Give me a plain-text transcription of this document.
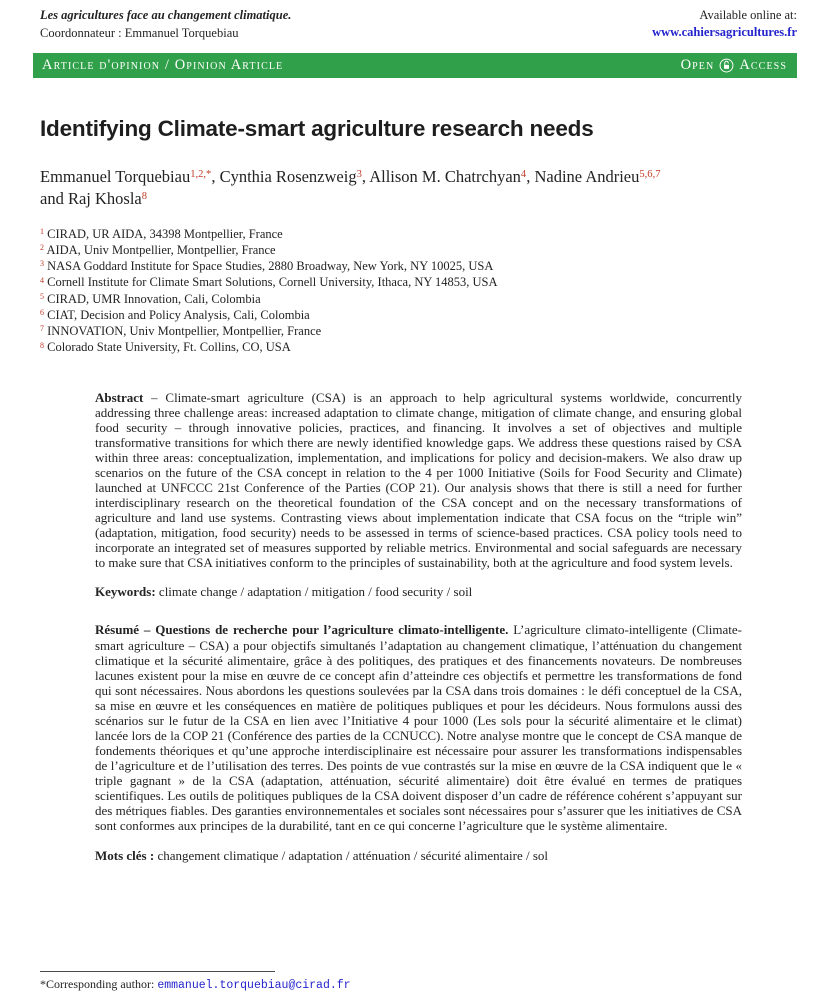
Les agricultures face au changement climatique.
Coordonnateur : Emmanuel Torquebiau
Available online at:
www.cahiersagricultures.fr
Article d'opinion / Opinion Article	Open Access
Identifying Climate-smart agriculture research needs
Emmanuel Torquebiau$^{1,2,*}$, Cynthia Rosenzweig$^3$, Allison M. Chatrchyan$^4$, Nadine Andrieu$^{5,6,7}$
and Raj Khosla$^8$
$^1$ CIRAD, UR AIDA, 34398 Montpellier, France
$^2$ AIDA, Univ Montpellier, Montpellier, France
$^3$ NASA Goddard Institute for Space Studies, 2880 Broadway, New York, NY 10025, USA
$^4$ Cornell Institute for Climate Smart Solutions, Cornell University, Ithaca, NY 14853, USA
$^5$ CIRAD, UMR Innovation, Cali, Colombia
$^6$ CIAT, Decision and Policy Analysis, Cali, Colombia
$^7$ INNOVATION, Univ Montpellier, Montpellier, France
$^8$ Colorado State University, Ft. Collins, CO, USA

Abstract – Climate-smart agriculture (CSA) is an approach to help agricultural systems worldwide, concurrently addressing three challenge areas: increased adaptation to climate change, mitigation of climate change, and ensuring global food security – through innovative policies, practices, and financing. It involves a set of objectives and multiple transformative transitions for which there are newly identified knowledge gaps. We address these questions raised by CSA within three areas: conceptualization, implementation, and implications for policy and decision-makers. We also draw up scenarios on the future of the CSA concept in relation to the 4 per 1000 Initiative (Soils for Food Security and Climate) launched at UNFCCC 21st Conference of the Parties (COP 21). Our analysis shows that there is still a need for further interdisciplinary research on the theoretical foundation of the CSA concept and on the necessary transformations of agriculture and land use systems. Contrasting views about implementation indicate that CSA focus on the “triple win” (adaptation, mitigation, food security) needs to be assessed in terms of science-based practices. CSA policy tools need to incorporate an integrated set of measures supported by reliable metrics. Environmental and social safeguards are necessary to make sure that CSA initiatives conform to the principles of sustainability, both at the agriculture and food system levels.

Keywords: climate change / adaptation / mitigation / food security / soil

Résumé – Questions de recherche pour l’agriculture climato-intelligente. L’agriculture climato-intelligente (Climate-smart agriculture – CSA) a pour objectifs simultanés l’adaptation au changement climatique, l’atténuation du changement climatique et la sécurité alimentaire, grâce à des politiques, des pratiques et des financements novateurs. De nombreuses lacunes existent pour la mise en œuvre de ce concept afin d’atteindre ces objectifs et permettre les transformations de fond qui sont nécessaires. Nous abordons les questions soulevées par la CSA dans trois domaines : le défi conceptuel de la CSA, sa mise en œuvre et les conséquences en matière de politiques publiques et pour les décideurs. Nous formulons aussi des scénarios sur le futur de la CSA en lien avec l’Initiative 4 pour 1000 (Les sols pour la sécurité alimentaire et le climat) lancée lors de la COP 21 (Conférence des parties de la CCNUCC). Notre analyse montre que le concept de CSA manque de fondements théoriques et qu’une approche interdisciplinaire est nécessaire pour assurer les transformations indispensables de l’agriculture et de l’utilisation des terres. Des points de vue contrastés sur la mise en œuvre de la CSA indiquent que le « triple gagnant » de la CSA (adaptation, atténuation, sécurité alimentaire) doit être évalué en termes de pratiques scientifiques. Les outils de politiques publiques de la CSA doivent disposer d’un cadre de référence cohérent s’appuyant sur des métriques fiables. Des garanties environnementales et sociales sont nécessaires pour s’assurer que les initiatives de CSA sont conformes aux principes de la durabilité, tant en ce qui concerne l’agriculture que le système alimentaire.

Mots clés : changement climatique / adaptation / atténuation / sécurité alimentaire / sol

*Corresponding author: emmanuel.torquebiau@cirad.fr
